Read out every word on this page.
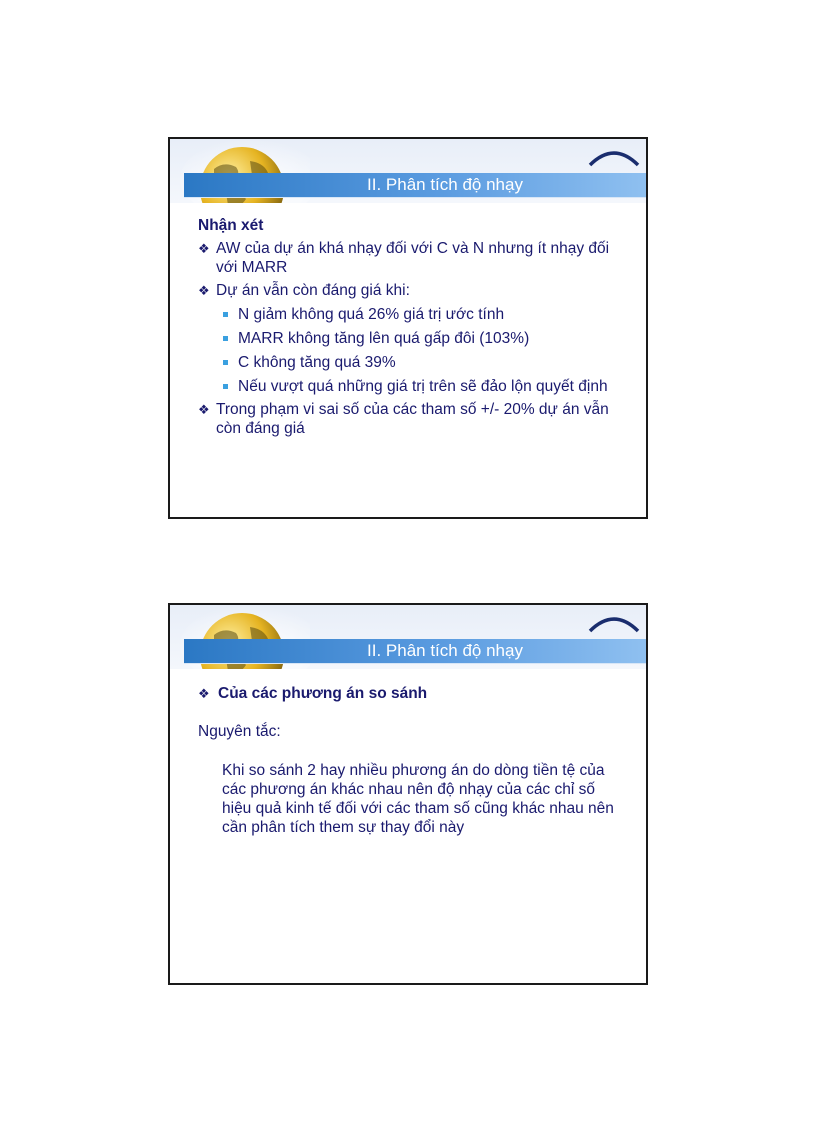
II. Phân tích độ nhạy
Nhận xét
❖ AW của dự án khá nhạy đối với C và N nhưng ít nhạy đối với MARR
❖ Dự án vẫn còn đáng giá khi:
N giảm không quá 26% giá trị ước tính
MARR không tăng lên quá gấp đôi (103%)
C không tăng quá 39%
Nếu vượt quá những giá trị trên sẽ đảo lộn quyết định
❖ Trong phạm vi sai số của các tham số +/- 20% dự án vẫn còn đáng giá
II. Phân tích độ nhạy
❖ Của các phương án so sánh
Nguyên tắc:
Khi so sánh 2 hay nhiều phương án do dòng tiền tệ của các phương án khác nhau nên độ nhạy của các chỉ số hiệu quả kinh tế đối với các tham số cũng khác nhau nên cần phân tích them sự thay đổi này
